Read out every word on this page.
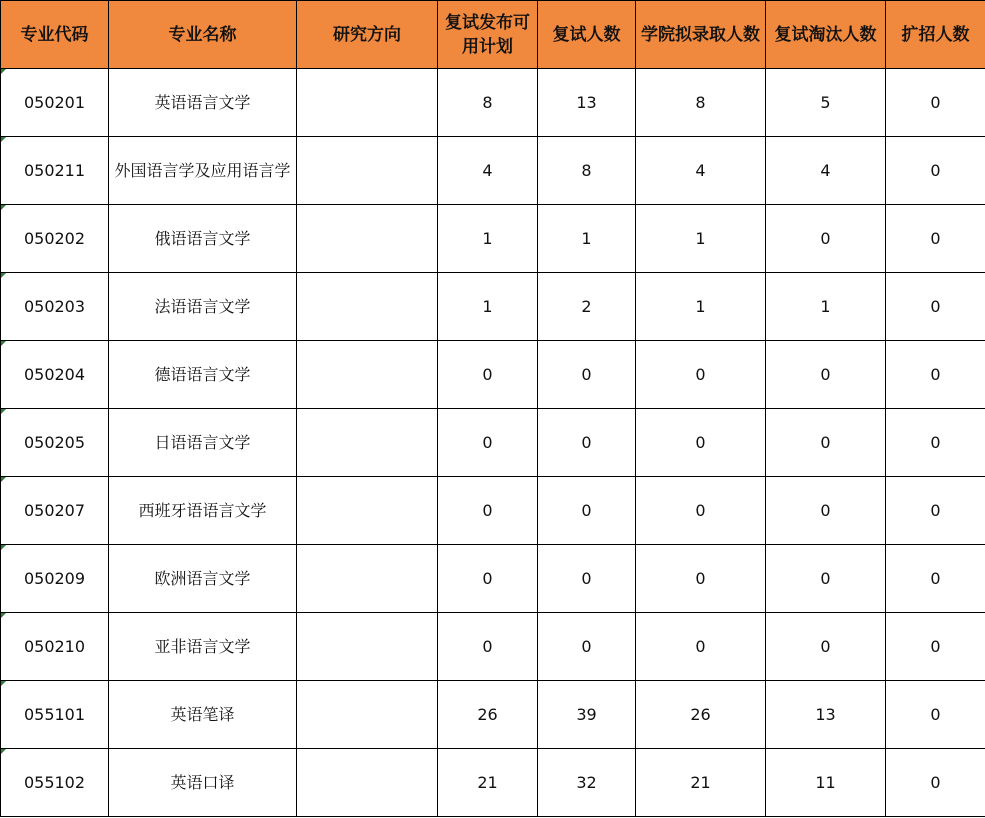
专业代码	专业名称	研究方向	复试发布可用计划	复试人数	学院拟录取人数	复试淘汰人数	扩招人数

050201	英语语言文学		8	13	8	5	0

050211	外国语言学及应用语言学		4	8	4	4	0

050202	俄语语言文学		1	1	1	0	0

050203	法语语言文学		1	2	1	1	0

050204	德语语言文学		0	0	0	0	0

050205	日语语言文学		0	0	0	0	0

050207	西班牙语语言文学		0	0	0	0	0

050209	欧洲语言文学		0	0	0	0	0

050210	亚非语言文学		0	0	0	0	0

055101	英语笔译		26	39	26	13	0

055102	英语口译		21	32	21	11	0
